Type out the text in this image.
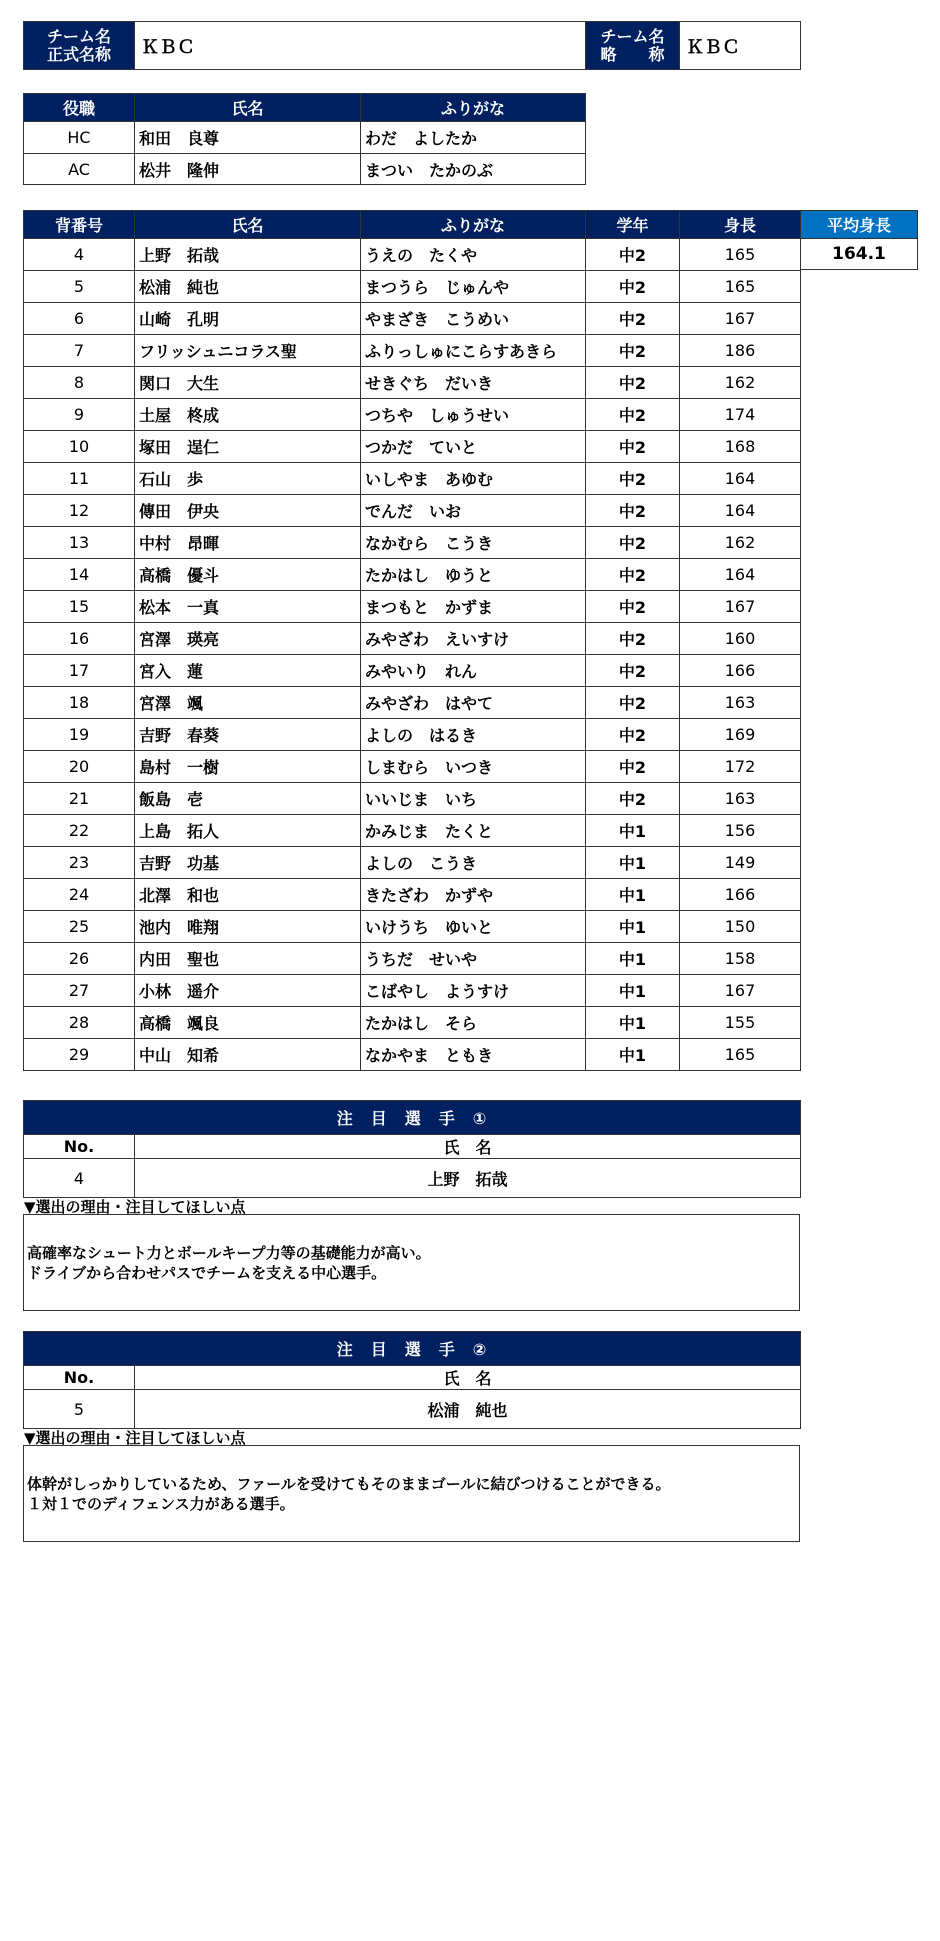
チーム名
正式名称	ＫＢＣ	
チーム名
略　　称	ＫＢＣ
役職	氏名	ふりがな
HC	和田　良尊	わだ　よしたか
AC	松井　隆伸	まつい　たかのぶ
背番号	氏名	ふりがな	学年	身長
4	上野　拓哉	うえの　たくや	中2	165
5	松浦　純也	まつうら　じゅんや	中2	165
6	山崎　孔明	やまざき　こうめい	中2	167
7	フリッシュニコラス聖	ふりっしゅにこらすあきら	中2	186
8	関口　大生	せきぐち　だいき	中2	162
9	土屋　柊成	つちや　しゅうせい	中2	174
10	塚田　逞仁	つかだ　ていと	中2	168
11	石山　歩	いしやま　あゆむ	中2	164
12	傳田　伊央	でんだ　いお	中2	164
13	中村　昂暉	なかむら　こうき	中2	162
14	高橋　優斗	たかはし　ゆうと	中2	164
15	松本　一真	まつもと　かずま	中2	167
16	宮澤　瑛亮	みやざわ　えいすけ	中2	160
17	宮入　蓮	みやいり　れん	中2	166
18	宮澤　颯	みやざわ　はやて	中2	163
19	吉野　春葵	よしの　はるき	中2	169
20	島村　一樹	しまむら　いつき	中2	172
21	飯島　壱	いいじま　いち	中2	163
22	上島　拓人	かみじま　たくと	中1	156
23	吉野　功基	よしの　こうき	中1	149
24	北澤　和也	きたざわ　かずや	中1	166
25	池内　唯翔	いけうち　ゆいと	中1	150
26	内田　聖也	うちだ　せいや	中1	158
27	小林　遥介	こばやし　ようすけ	中1	167
28	高橋　颯良	たかはし　そら	中1	155
29	中山　知希	なかやま　ともき	中1	165
平均身長
164.1
注　目　選　手　①	
No.	氏　名
4	上野　拓哉
▼選出の理由・注目してほしい点
高確率なシュート力とボールキープ力等の基礎能力が高い。
ドライブから合わせパスでチームを支える中心選手。
注　目　選　手　②	
No.	氏　名
5	松浦　純也
▼選出の理由・注目してほしい点
体幹がしっかりしているため、ファールを受けてもそのままゴールに結びつけることができる。
１対１でのディフェンス力がある選手。
